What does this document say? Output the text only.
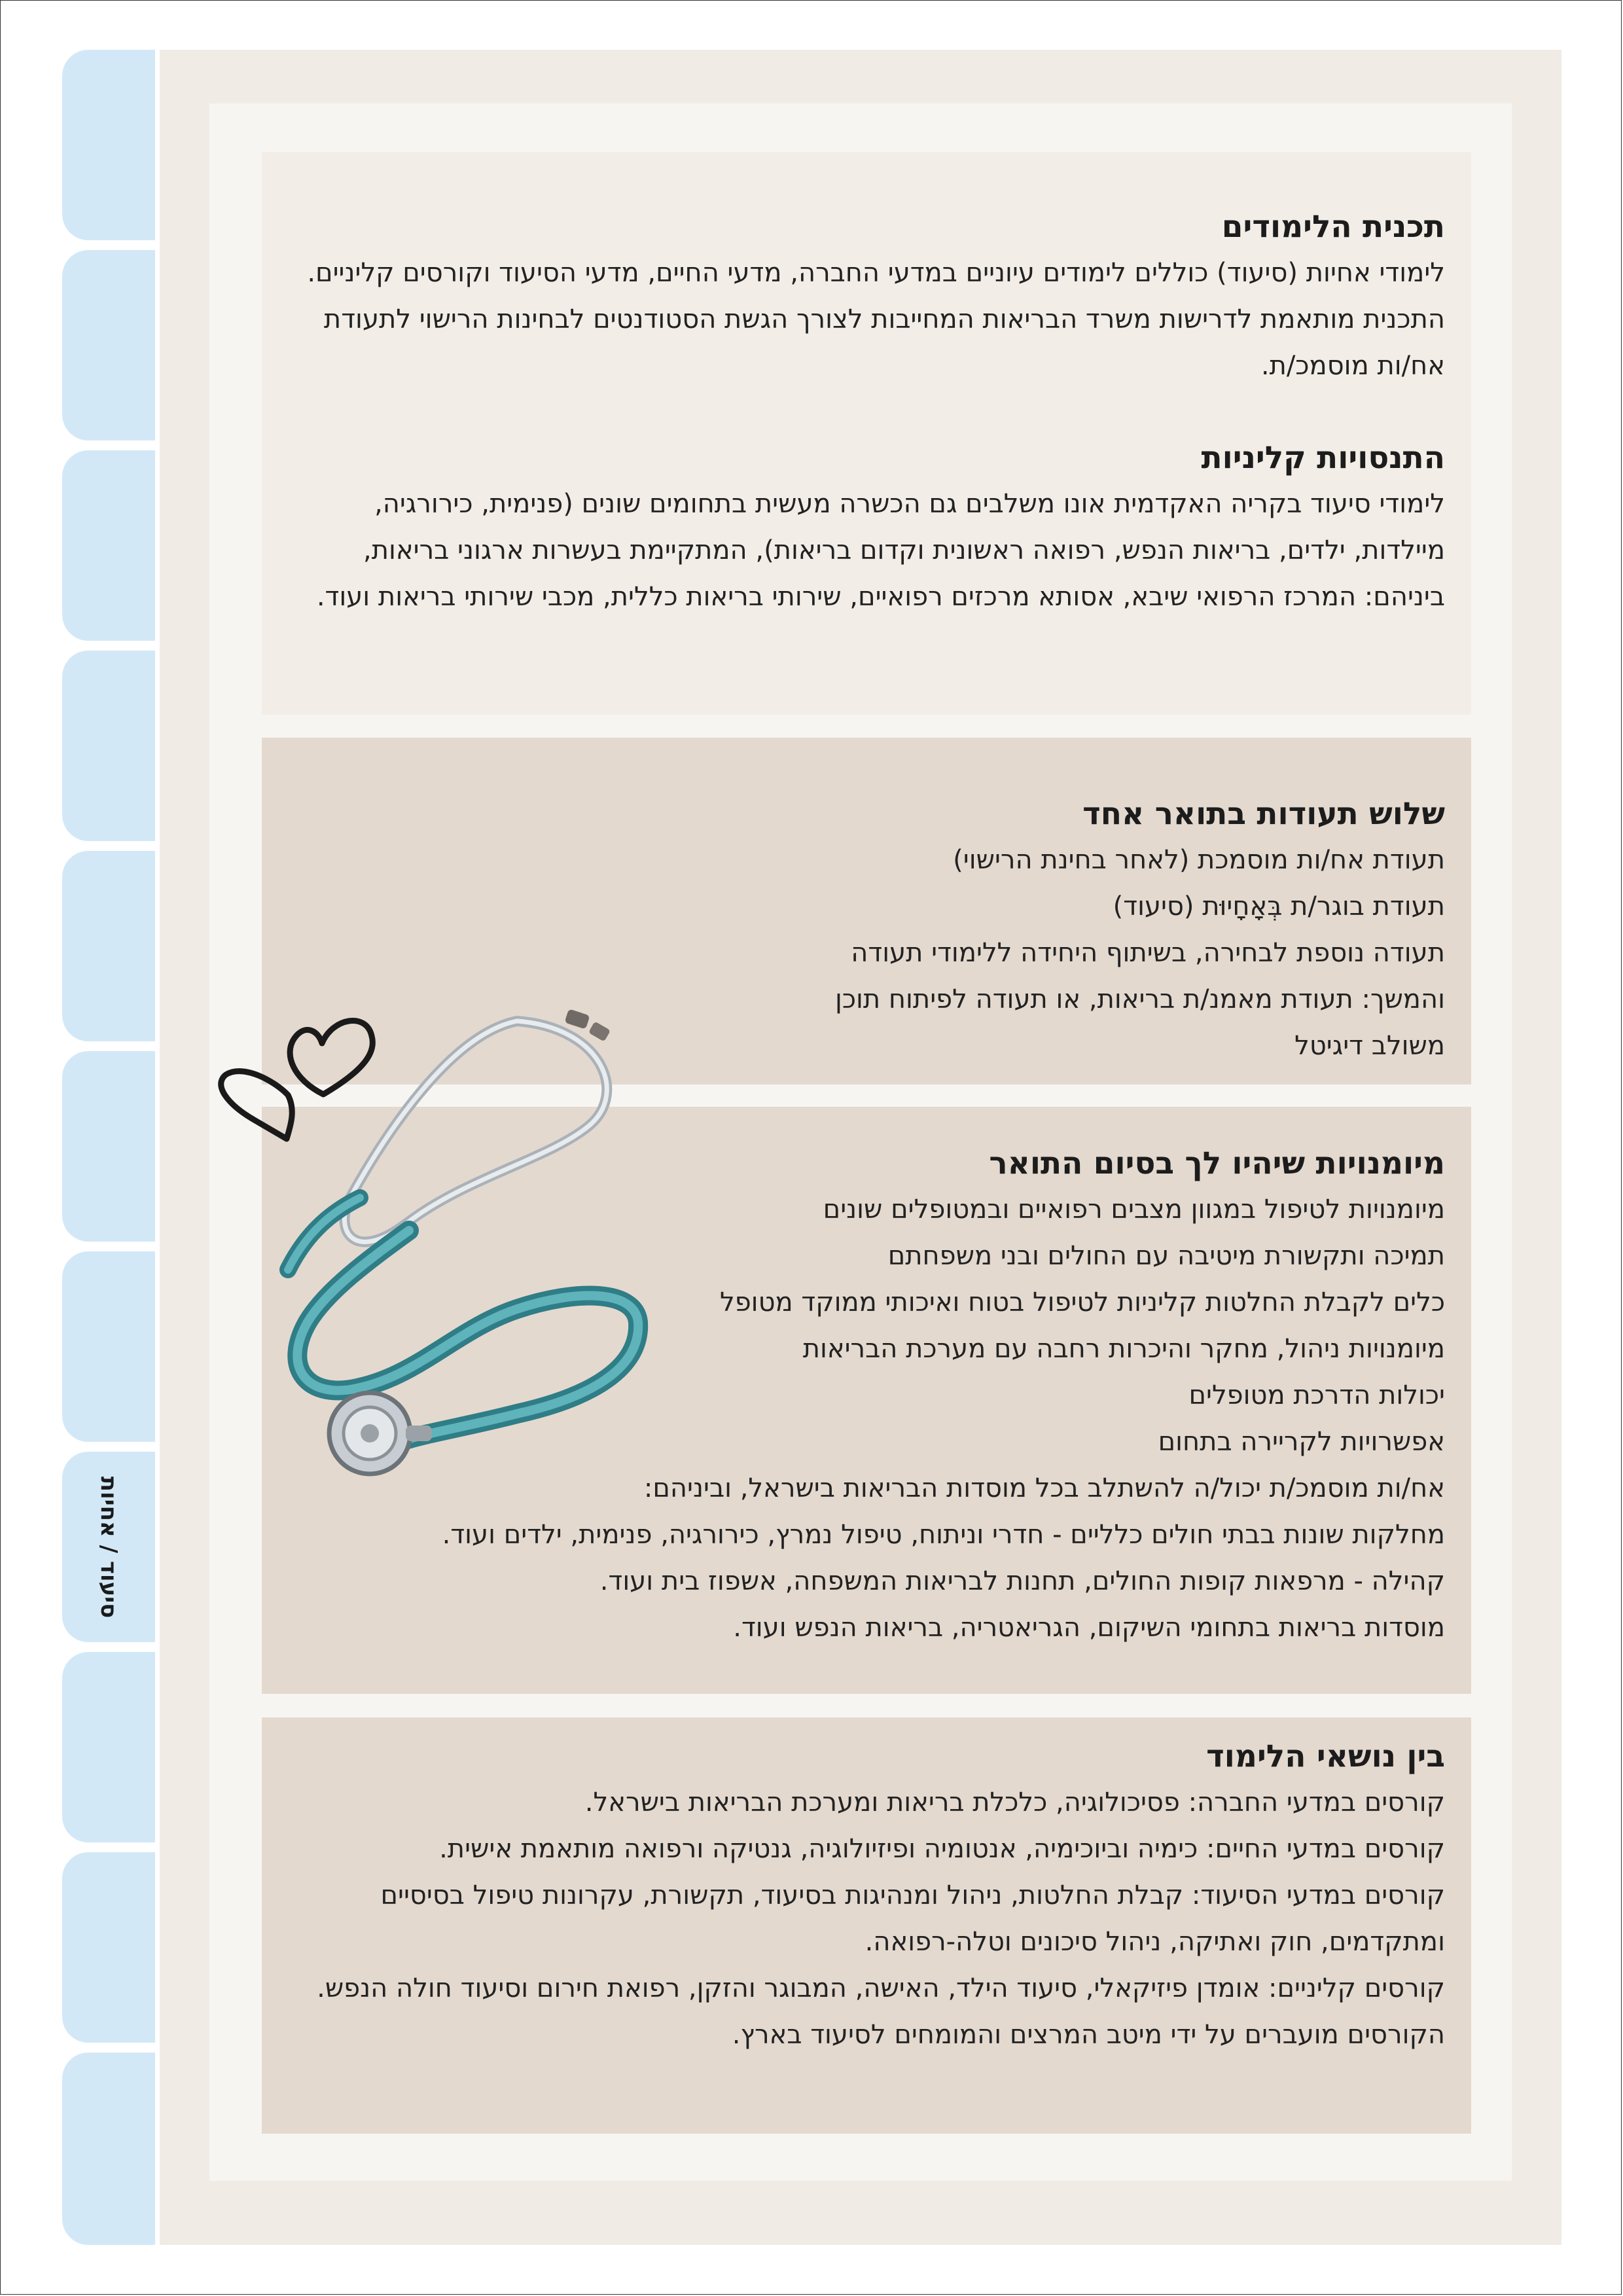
סיעוד / אחיות
תכנית הלימודים

לימודי אחיות (סיעוד) כוללים לימודים עיוניים במדעי החברה, מדעי החיים, מדעי הסיעוד וקורסים קליניים. התכנית מותאמת לדרישות משרד הבריאות המחייבות לצורך הגשת הסטודנטים לבחינות הרישוי לתעודת אח/ות מוסמכ/ת.

התנסויות קליניות

לימודי סיעוד בקריה האקדמית אונו משלבים גם הכשרה מעשית בתחומים שונים (פנימית, כירורגיה, מיילדות, ילדים, בריאות הנפש, רפואה ראשונית וקדום בריאות), המתקיימת בעשרות ארגוני בריאות, ביניהם: המרכז הרפואי שיבא, אסותא מרכזים רפואיים, שירותי בריאות כללית, מכבי שירותי בריאות ועוד.

שלוש תעודות בתואר אחד
תעודת אח/ות מוסמכת (לאחר בחינת הרישוי)
תעודת בוגר/ת בְּאָחָיוּת (סיעוד)
תעודה נוספת לבחירה, בשיתוף היחידה ללימודי תעודה והמשך: תעודת מאמנ/ת בריאות, או תעודה לפיתוח תוכן משולב דיגיטל
מיומנויות שיהיו לך בסיום התואר
מיומנויות לטיפול במגוון מצבים רפואיים ובמטופלים שונים
תמיכה ותקשורת מיטיבה עם החולים ובני משפחתם
כלים לקבלת החלטות קליניות לטיפול בטוח ואיכותי ממוקד מטופל
מיומנויות ניהול, מחקר והיכרות רחבה עם מערכת הבריאות
יכולות הדרכת מטופלים
אפשרויות לקריירה בתחום
אח/ות מוסמכ/ת יכול/ה להשתלב בכל מוסדות הבריאות בישראל, וביניהם:
מחלקות שונות בבתי חולים כלליים - חדרי וניתוח, טיפול נמרץ, כירורגיה, פנימית, ילדים ועוד.
קהילה - מרפאות קופות החולים, תחנות לבריאות המשפחה, אשפוז בית ועוד.
מוסדות בריאות בתחומי השיקום, הגריאטריה, בריאות הנפש ועוד.
בין נושאי הלימוד
קורסים במדעי החברה: פסיכולוגיה, כלכלת בריאות ומערכת הבריאות בישראל.
קורסים במדעי החיים: כימיה וביוכימיה, אנטומיה ופיזיולוגיה, גנטיקה ורפואה מותאמת אישית.
קורסים במדעי הסיעוד: קבלת החלטות, ניהול ומנהיגות בסיעוד, תקשורת, עקרונות טיפול בסיסיים ומתקדמים, חוק ואתיקה, ניהול סיכונים וטלה-רפואה.
קורסים קליניים: אומדן פיזיקאלי, סיעוד הילד, האישה, המבוגר והזקן, רפואת חירום וסיעוד חולה הנפש.
הקורסים מועברים על ידי מיטב המרצים והמומחים לסיעוד בארץ.
